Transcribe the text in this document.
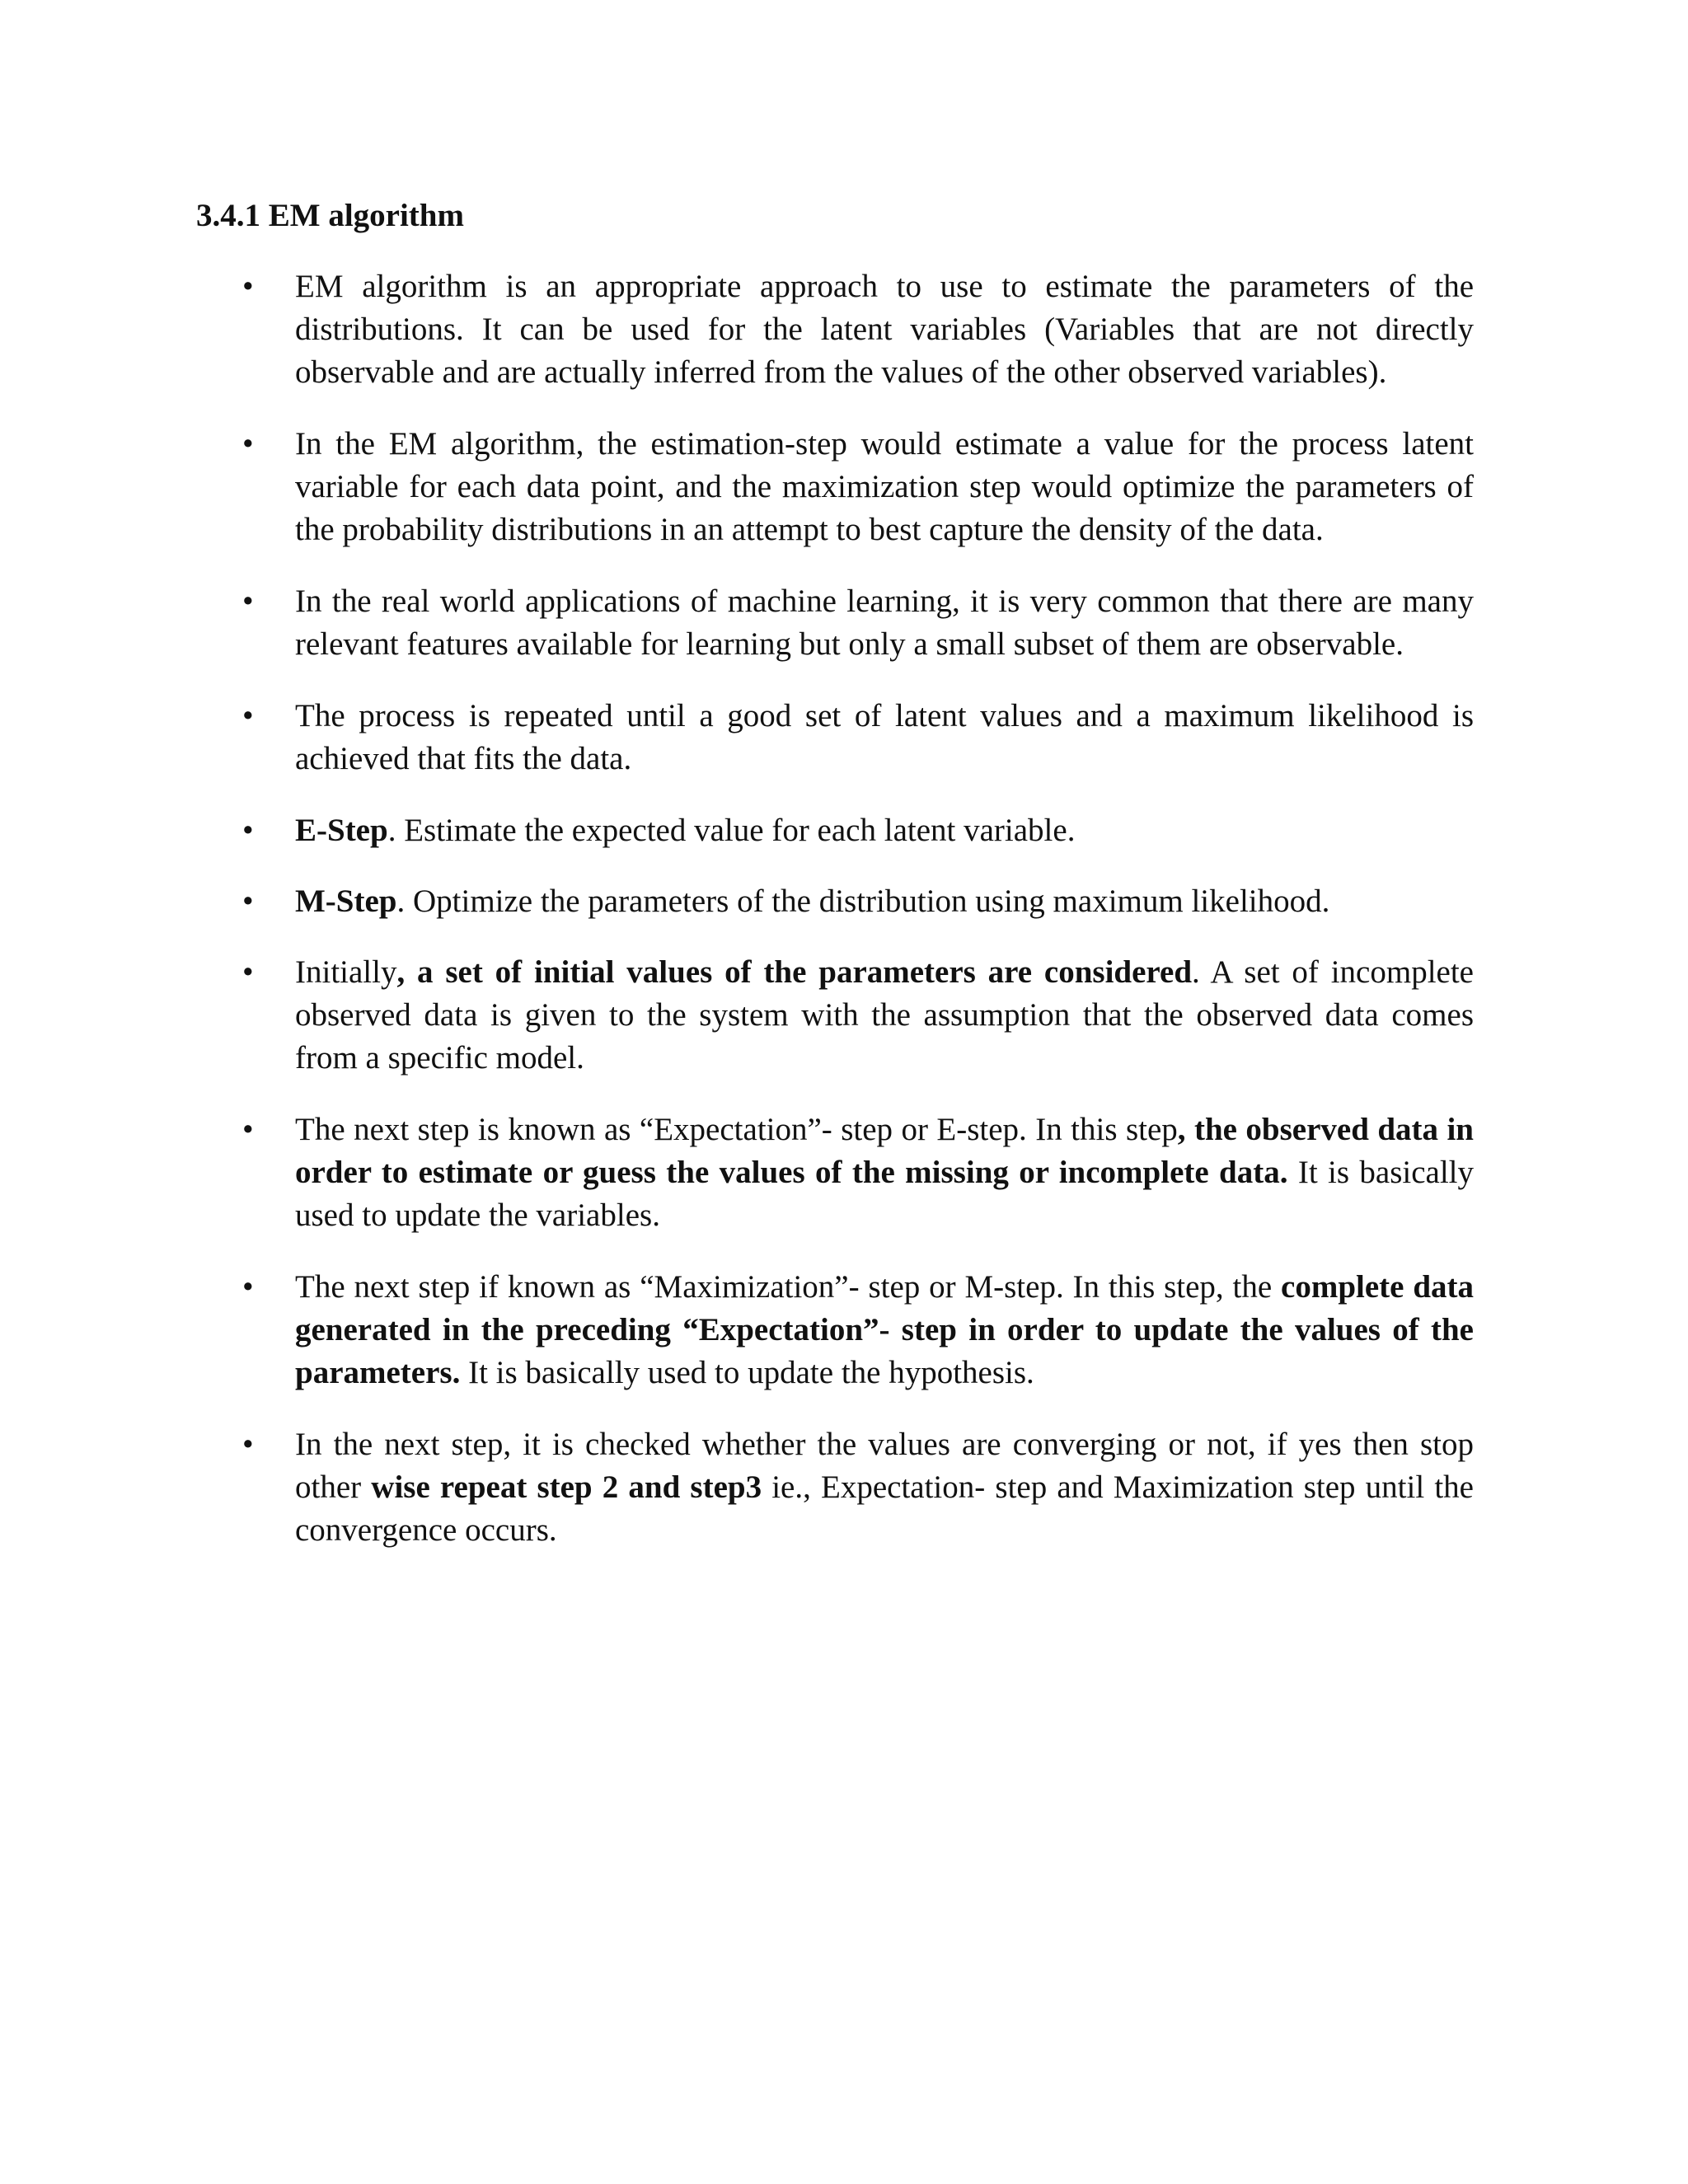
3.4.1 EM algorithm
• EM algorithm is an appropriate approach to use to estimate the parameters of the distributions. It can be used for the latent variables (Variables that are not directly observable and are actually inferred from the values of the other observed variables).
• In the EM algorithm, the estimation-step would estimate a value for the process latent variable for each data point, and the maximization step would optimize the parameters of the probability distributions in an attempt to best capture the density of the data.
• In the real world applications of machine learning, it is very common that there are many relevant features available for learning but only a small subset of them are observable.
• The process is repeated until a good set of latent values and a maximum likelihood is achieved that fits the data.
• E-Step. Estimate the expected value for each latent variable.
• M-Step. Optimize the parameters of the distribution using maximum likelihood.
• Initially, a set of initial values of the parameters are considered. A set of incomplete observed data is given to the system with the assumption that the observed data comes from a specific model.
• The next step is known as “Expectation”- step or E-step. In this step, the observed data in order to estimate or guess the values of the missing or incomplete data. It is basically used to update the variables.
• The next step if known as “Maximization”- step or M-step. In this step, the complete data generated in the preceding “Expectation”- step in order to update the values of the parameters. It is basically used to update the hypothesis.
• In the next step, it is checked whether the values are converging or not, if yes then stop other wise repeat step 2 and step3 ie., Expectation- step and Maximization step until the convergence occurs.
